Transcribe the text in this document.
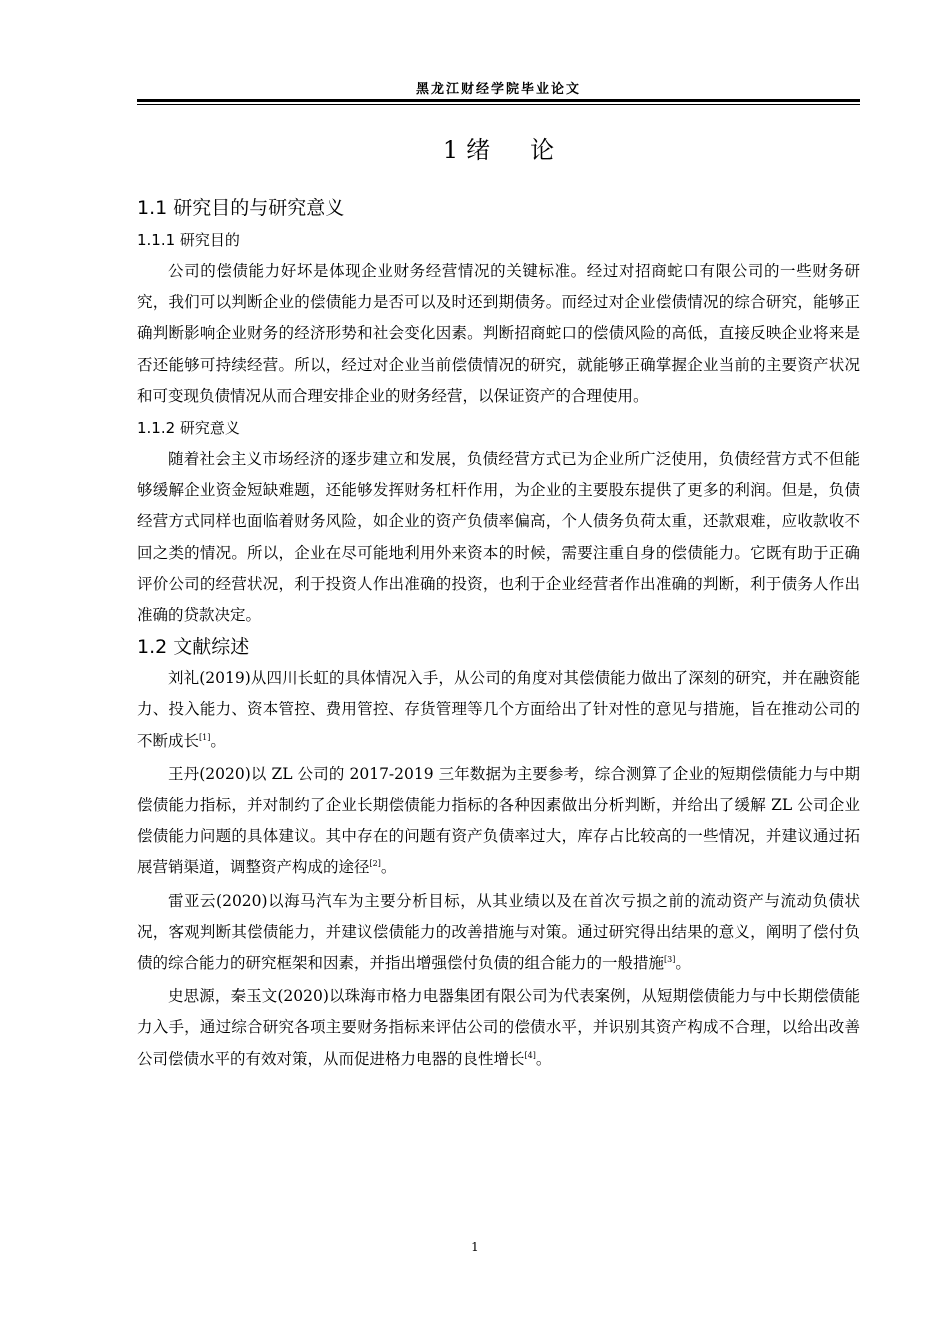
黑龙江财经学院毕业论文
1 绪 论
1.1 研究目的与研究意义
1.1.1 研究目的

公司的偿债能力好坏是体现企业财务经营情况的关键标准。经过对招商蛇口有限公司的一些财务研究，我们可以判断企业的偿债能力是否可以及时还到期债务。而经过对企业偿债情况的综合研究，能够正确判断影响企业财务的经济形势和社会变化因素。判断招商蛇口的偿债风险的高低，直接反映企业将来是否还能够可持续经营。所以，经过对企业当前偿债情况的研究，就能够正确掌握企业当前的主要资产状况和可变现负债情况从而合理安排企业的财务经营，以保证资产的合理使用。

1.1.2 研究意义

随着社会主义市场经济的逐步建立和发展，负债经营方式已为企业所广泛使用，负债经营方式不但能够缓解企业资金短缺难题，还能够发挥财务杠杆作用，为企业的主要股东提供了更多的利润。但是，负债经营方式同样也面临着财务风险，如企业的资产负债率偏高，个人债务负荷太重，还款艰难，应收款收不回之类的情况。所以，企业在尽可能地利用外来资本的时候，需要注重自身的偿债能力。它既有助于正确评价公司的经营状况，利于投资人作出准确的投资，也利于企业经营者作出准确的判断，利于债务人作出准确的贷款决定。

1.2 文献综述

刘礼(2019)从四川长虹的具体情况入手，从公司的角度对其偿债能力做出了深刻的研究，并在融资能力、投入能力、资本管控、费用管控、存货管理等几个方面给出了针对性的意见与措施，旨在推动公司的不断成长[1]。

王丹(2020)以 ZL 公司的 2017-2019 三年数据为主要参考，综合测算了企业的短期偿债能力与中期偿债能力指标，并对制约了企业长期偿债能力指标的各种因素做出分析判断，并给出了缓解 ZL 公司企业偿债能力问题的具体建议。其中存在的问题有资产负债率过大，库存占比较高的一些情况，并建议通过拓展营销渠道，调整资产构成的途径[2]。

雷亚云(2020)以海马汽车为主要分析目标，从其业绩以及在首次亏损之前的流动资产与流动负债状况，客观判断其偿债能力，并建议偿债能力的改善措施与对策。通过研究得出结果的意义，阐明了偿付负债的综合能力的研究框架和因素，并指出增强偿付负债的组合能力的一般措施[3]。

史思源，秦玉文(2020)以珠海市格力电器集团有限公司为代表案例，从短期偿债能力与中长期偿债能力入手，通过综合研究各项主要财务指标来评估公司的偿债水平，并识别其资产构成不合理，以给出改善公司偿债水平的有效对策，从而促进格力电器的良性增长[4]。

1
